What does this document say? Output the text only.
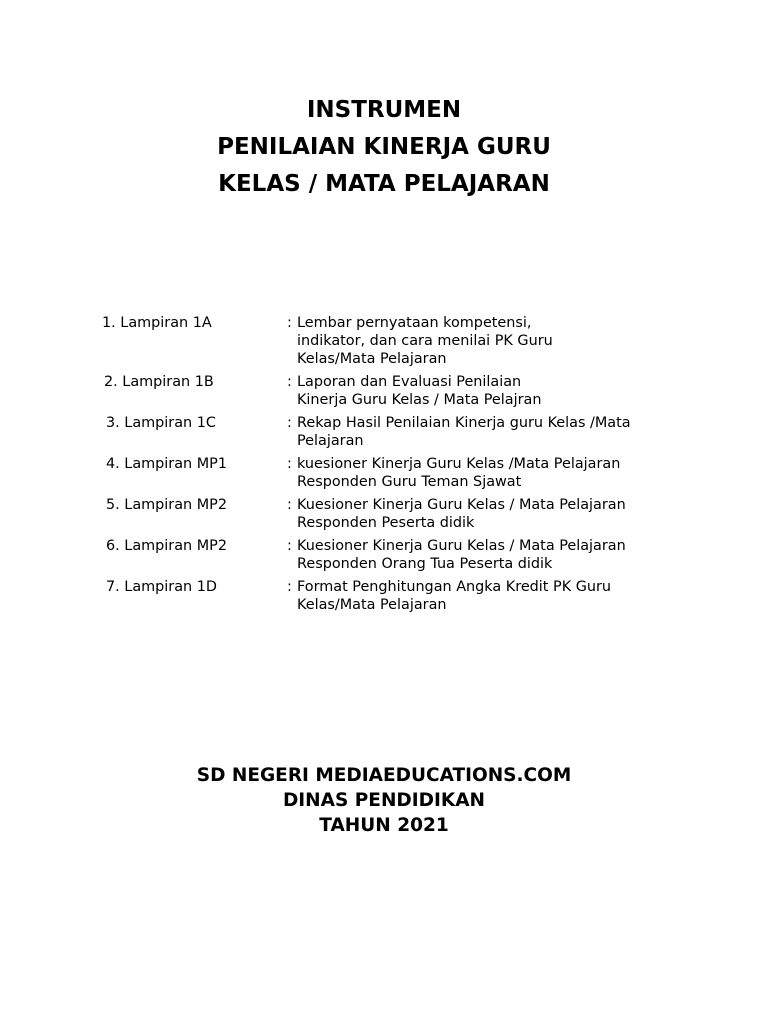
INSTRUMEN
PENILAIAN KINERJA GURU
KELAS / MATA PELAJARAN
1. Lampiran 1A	: Lembar pernyataan kompetensi,
indikator, dan cara menilai PK Guru
Kelas/Mata Pelajaran
2. Lampiran 1B	: Laporan dan Evaluasi Penilaian
Kinerja Guru Kelas / Mata Pelajran
3. Lampiran 1C	: Rekap Hasil Penilaian Kinerja guru Kelas /Mata
Pelajaran
4. Lampiran MP1	: kuesioner Kinerja Guru Kelas /Mata Pelajaran
Responden Guru Teman Sjawat
5. Lampiran MP2	: Kuesioner Kinerja Guru Kelas / Mata Pelajaran
Responden Peserta didik
6. Lampiran MP2	: Kuesioner Kinerja Guru Kelas / Mata Pelajaran
Responden Orang Tua Peserta didik
7. Lampiran 1D	: Format Penghitungan Angka Kredit PK Guru
Kelas/Mata Pelajaran
SD NEGERI MEDIAEDUCATIONS.COM
DINAS PENDIDIKAN
TAHUN 2021
